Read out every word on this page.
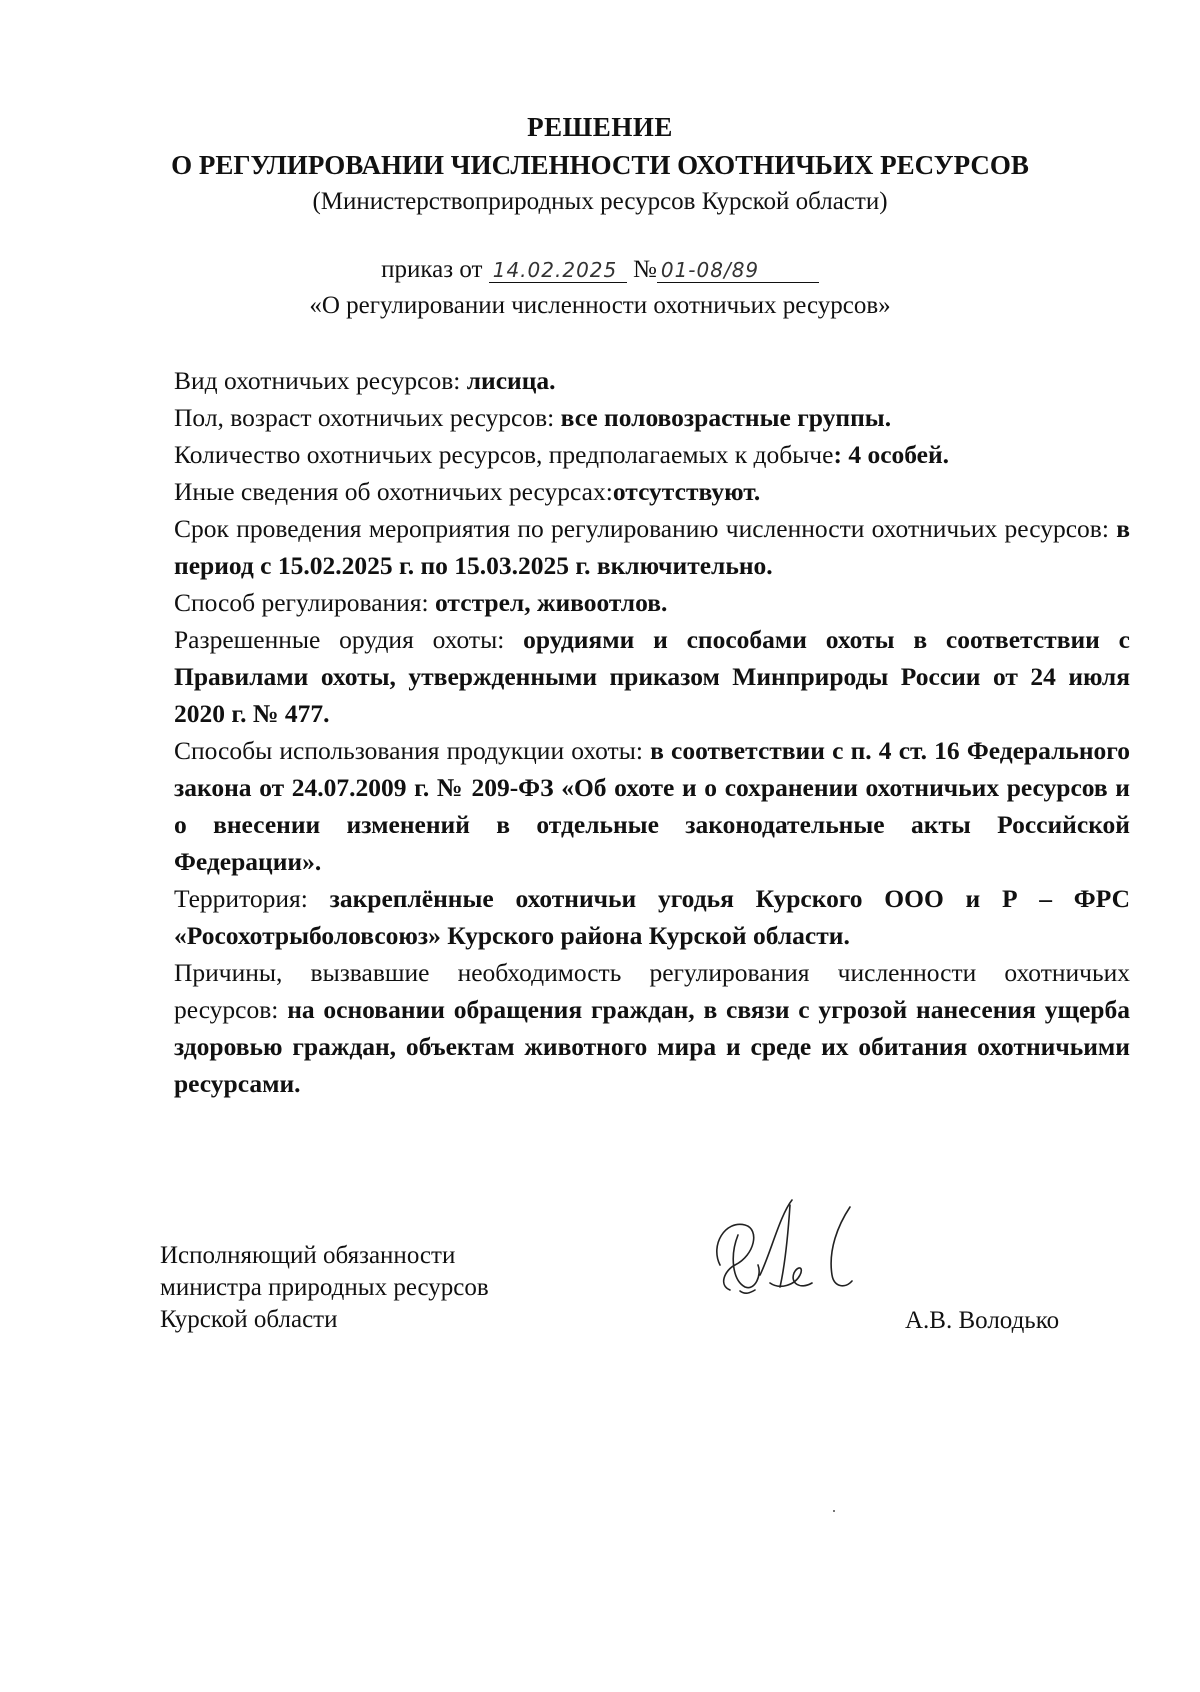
РЕШЕНИЕ
О РЕГУЛИРОВАНИИ ЧИСЛЕННОСТИ ОХОТНИЧЬИХ РЕСУРСОВ
(Министерствоприродных ресурсов Курской области)
приказ от 14.02.2025 № 01-08/89
«О регулировании численности охотничьих ресурсов»

Вид охотничьих ресурсов: лисица.

Пол, возраст охотничьих ресурсов: все половозрастные группы.

Количество охотничьих ресурсов, предполагаемых к добыче: 4 особей.

Иные сведения об охотничьих ресурсах:отсутствуют.

Срок проведения мероприятия по регулированию численности охотничьих ресурсов: в период с 15.02.2025 г. по 15.03.2025 г. включительно.

Способ регулирования: отстрел, живоотлов.

Разрешенные орудия охоты: орудиями и способами охоты в соответствии с Правилами охоты, утвержденными приказом Минприроды России от 24 июля 2020 г. № 477.

Способы использования продукции охоты: в соответствии с п. 4 ст. 16 Федерального закона от 24.07.2009 г. № 209-ФЗ «Об охоте и о сохранении охотничьих ресурсов и о внесении изменений в отдельные законодательные акты Российской Федерации».

Территория: закреплённые охотничьи угодья Курского ООО и Р – ФРС «Росохотрыболовсоюз» Курского района Курской области.

Причины, вызвавшие необходимость регулирования численности охотничьих ресурсов: на основании обращения граждан, в связи с угрозой нанесения ущерба здоровью граждан, объектам животного мира и среде их обитания охотничьими ресурсами.

Исполняющий обязанности
министра природных ресурсов
Курской области	А.В. Володько
